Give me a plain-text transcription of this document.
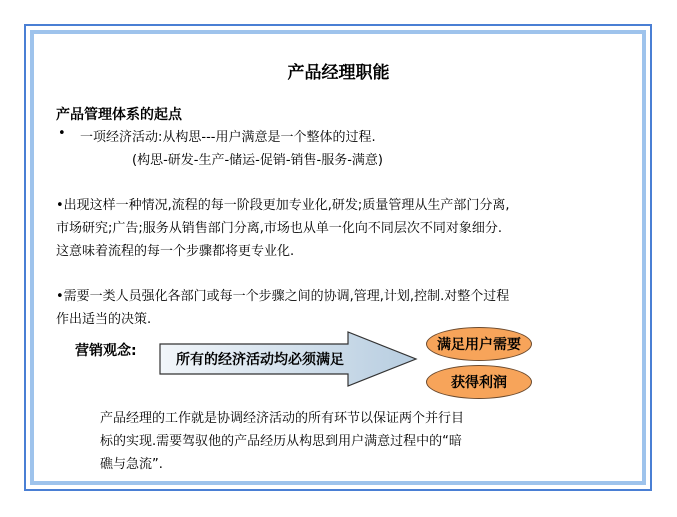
产品经理职能
产品管理体系的起点
• 一项经济活动:从构思---用户满意是一个整体的过程.
(构思-研发-生产-储运-促销-销售-服务-满意)
•出现这样一种情况,流程的每一阶段更加专业化,研发;质量管理从生产部门分离,
市场研究;广告;服务从销售部门分离,市场也从单一化向不同层次不同对象细分.
这意味着流程的每一个步骤都将更专业化.
•需要一类人员强化各部门或每一个步骤之间的协调,管理,计划,控制.对整个过程
作出适当的决策.
营销观念:
所有的经济活动均必须满足
满足用户需要
获得利润
产品经理的工作就是协调经济活动的所有环节以保证两个并行目
标的实现.需要驾驭他的产品经历从构思到用户满意过程中的“暗
礁与急流”.
